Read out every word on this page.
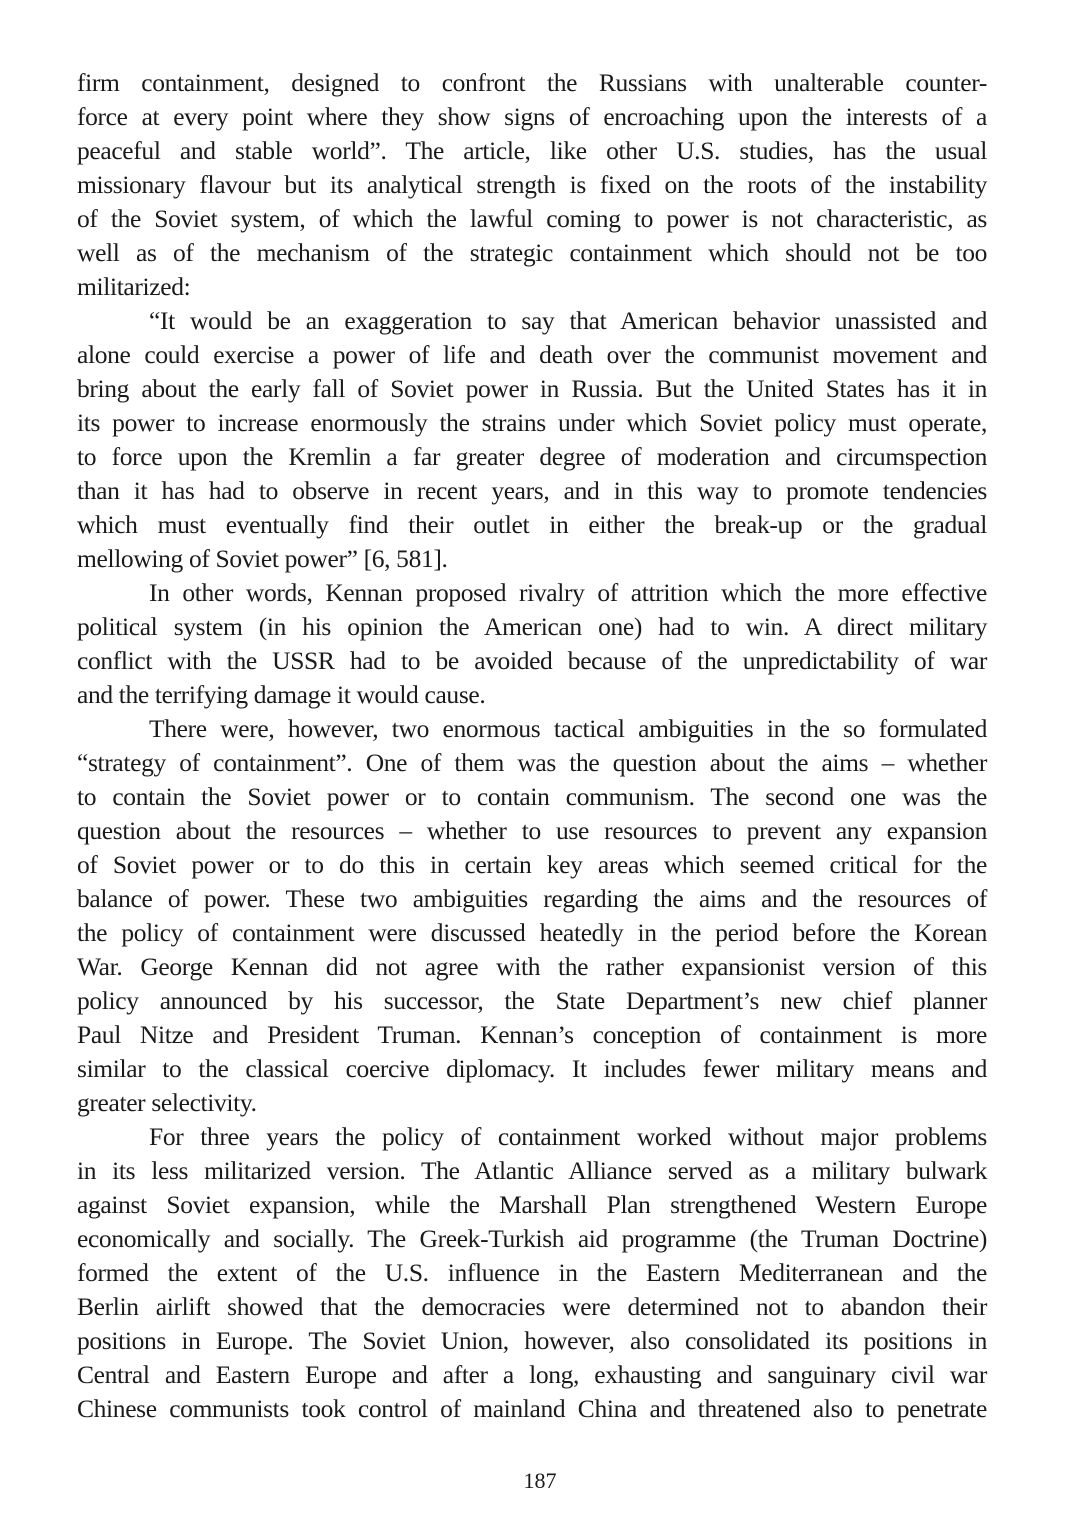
firm containment, designed to confront the Russians with unalterable counter-
force at every point where they show signs of encroaching upon the interests of a
peaceful and stable world”. The article, like other U.S. studies, has the usual
missionary flavour but its analytical strength is fixed on the roots of the instability
of the Soviet system, of which the lawful coming to power is not characteristic, as
well as of the mechanism of the strategic containment which should not be too
militarized:
“It would be an exaggeration to say that American behavior unassisted and
alone could exercise a power of life and death over the communist movement and
bring about the early fall of Soviet power in Russia. But the United States has it in
its power to increase enormously the strains under which Soviet policy must operate,
to force upon the Kremlin a far greater degree of moderation and circumspection
than it has had to observe in recent years, and in this way to promote tendencies
which must eventually find their outlet in either the break-up or the gradual
mellowing of Soviet power” [6, 581].
In other words, Kennan proposed rivalry of attrition which the more effective
political system (in his opinion the American one) had to win. A direct military
conflict with the USSR had to be avoided because of the unpredictability of war
and the terrifying damage it would cause.
There were, however, two enormous tactical ambiguities in the so formulated
“strategy of containment”. One of them was the question about the aims – whether
to contain the Soviet power or to contain communism. The second one was the
question about the resources – whether to use resources to prevent any expansion
of Soviet power or to do this in certain key areas which seemed critical for the
balance of power. These two ambiguities regarding the aims and the resources of
the policy of containment were discussed heatedly in the period before the Korean
War. George Kennan did not agree with the rather expansionist version of this
policy announced by his successor, the State Department’s new chief planner
Paul Nitze and President Truman. Kennan’s conception of containment is more
similar to the classical coercive diplomacy. It includes fewer military means and
greater selectivity.
For three years the policy of containment worked without major problems
in its less militarized version. The Atlantic Alliance served as a military bulwark
against Soviet expansion, while the Marshall Plan strengthened Western Europe
economically and socially. The Greek-Turkish aid programme (the Truman Doctrine)
formed the extent of the U.S. influence in the Eastern Mediterranean and the
Berlin airlift showed that the democracies were determined not to abandon their
positions in Europe. The Soviet Union, however, also consolidated its positions in
Central and Eastern Europe and after a long, exhausting and sanguinary civil war
Chinese communists took control of mainland China and threatened also to penetrate
187
